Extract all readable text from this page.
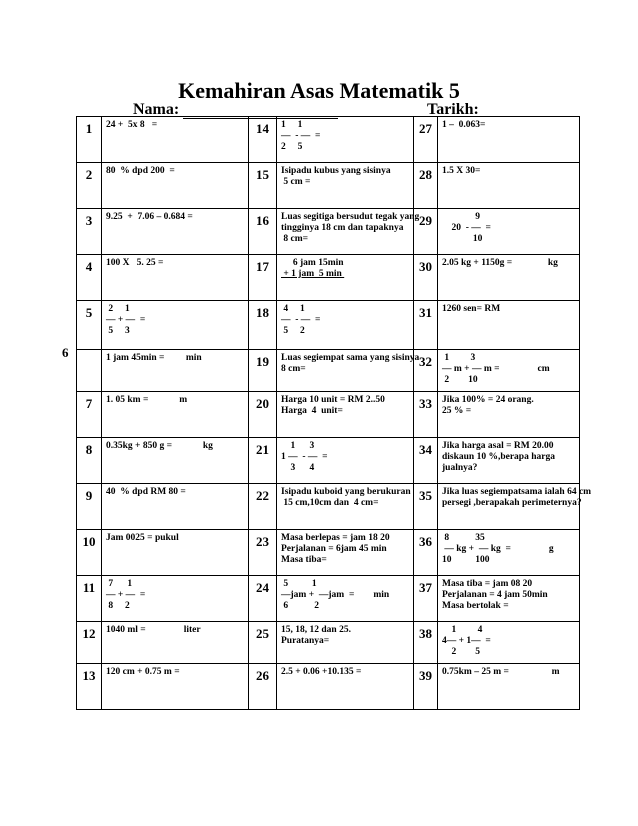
Kemahiran Asas Matematik 5
Nama:	Tarikh:
6
1	24 +  5x 8   =	14	1     1
—  - —  =
2     5	27	1 –  0.063=
2	80  % dpd 200  =	15	Isipadu kubus yang sisinya
5 cm =	28	1.5 X 30=
3	9.25  +  7.06 – 0.684 =	16	Luas segitiga bersudut tegak yang
tingginya 18 cm dan tapaknya
8 cm=	29	9
20  - —  =
10
4	100 X   5. 25 =	17	6 jam 15min
+ 1 jam  5 min	30	2.05 kg + 1150g =               kg
5	2     1
— + —  =
5     3	18	4     1
—  - —  =
5     2	31	1260 sen= RM
	1 jam 45min =         min	19	Luas segiempat sama yang sisinya
8 cm=	32	1         3
— m + — m =                cm
2        10
7	1. 05 km =             m	20	Harga 10 unit = RM 2..50
Harga  4  unit=	33	Jika 100% = 24 orang.
25 % =
8	0.35kg + 850 g =             kg	21	1      3
1 —  - —  =
3      4	34	Jika harga asal = RM 20.00
diskaun 10 %,berapa harga
jualnya?
9	40  % dpd RM 80 =	22	Isipadu kuboid yang berukuran
15 cm,10cm dan  4 cm=	35	Jika luas segiempatsama ialah 64 cm
persegi ,berapakah perimeternya?
10	Jam 0025 = pukul	23	Masa berlepas = jam 18 20
Perjalanan = 6jam 45 min
Masa tiba=	36	8           35
— kg +  — kg  =                g
10          100
11	7      1
— + —  =
8     2	24	5          1
—jam +  —jam  =        min
6           2	37	Masa tiba = jam 08 20
Perjalanan = 4 jam 50min
Masa bertolak =
12	1040 ml =                liter	25	15, 18, 12 dan 25.
Puratanya=	38	1         4
4— + 1—  =
2        5
13	120 cm + 0.75 m =	26	2.5 + 0.06 +10.135 =	39	0.75km – 25 m =                  m
